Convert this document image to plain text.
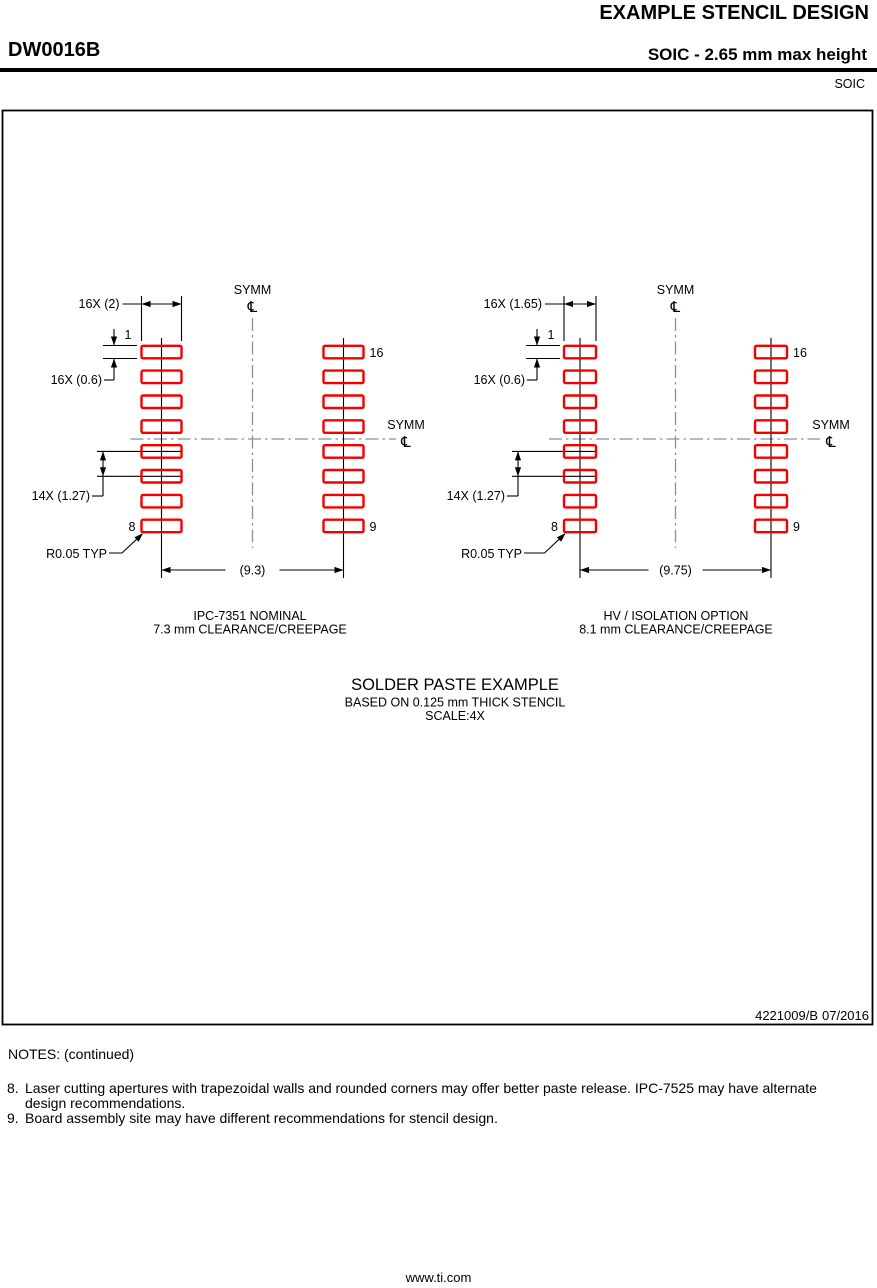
EXAMPLE STENCIL DESIGN
DW0016B	SOIC - 2.65 mm max height
SOIC
SYMM
℄
SYMM
℄
16X (2)
1
16X (0.6)
14X (1.27)
R0.05 TYP
(9.3)
8
16
9
IPC-7351 NOMINAL
7.3 mm CLEARANCE/CREEPAGE
SYMM
℄
SYMM
℄
16X (1.65)
1
16X (0.6)
14X (1.27)
R0.05 TYP
(9.75)
8
16
9
HV / ISOLATION OPTION
8.1 mm CLEARANCE/CREEPAGE
SOLDER PASTE EXAMPLE
BASED ON 0.125 mm THICK STENCIL
SCALE:4X
4221009/B 07/2016
NOTES: (continued)
8. Laser cutting apertures with trapezoidal walls and rounded corners may offer better paste release. IPC-7525 may have alternate design recommendations.
9. Board assembly site may have different recommendations for stencil design.
www.ti.com
